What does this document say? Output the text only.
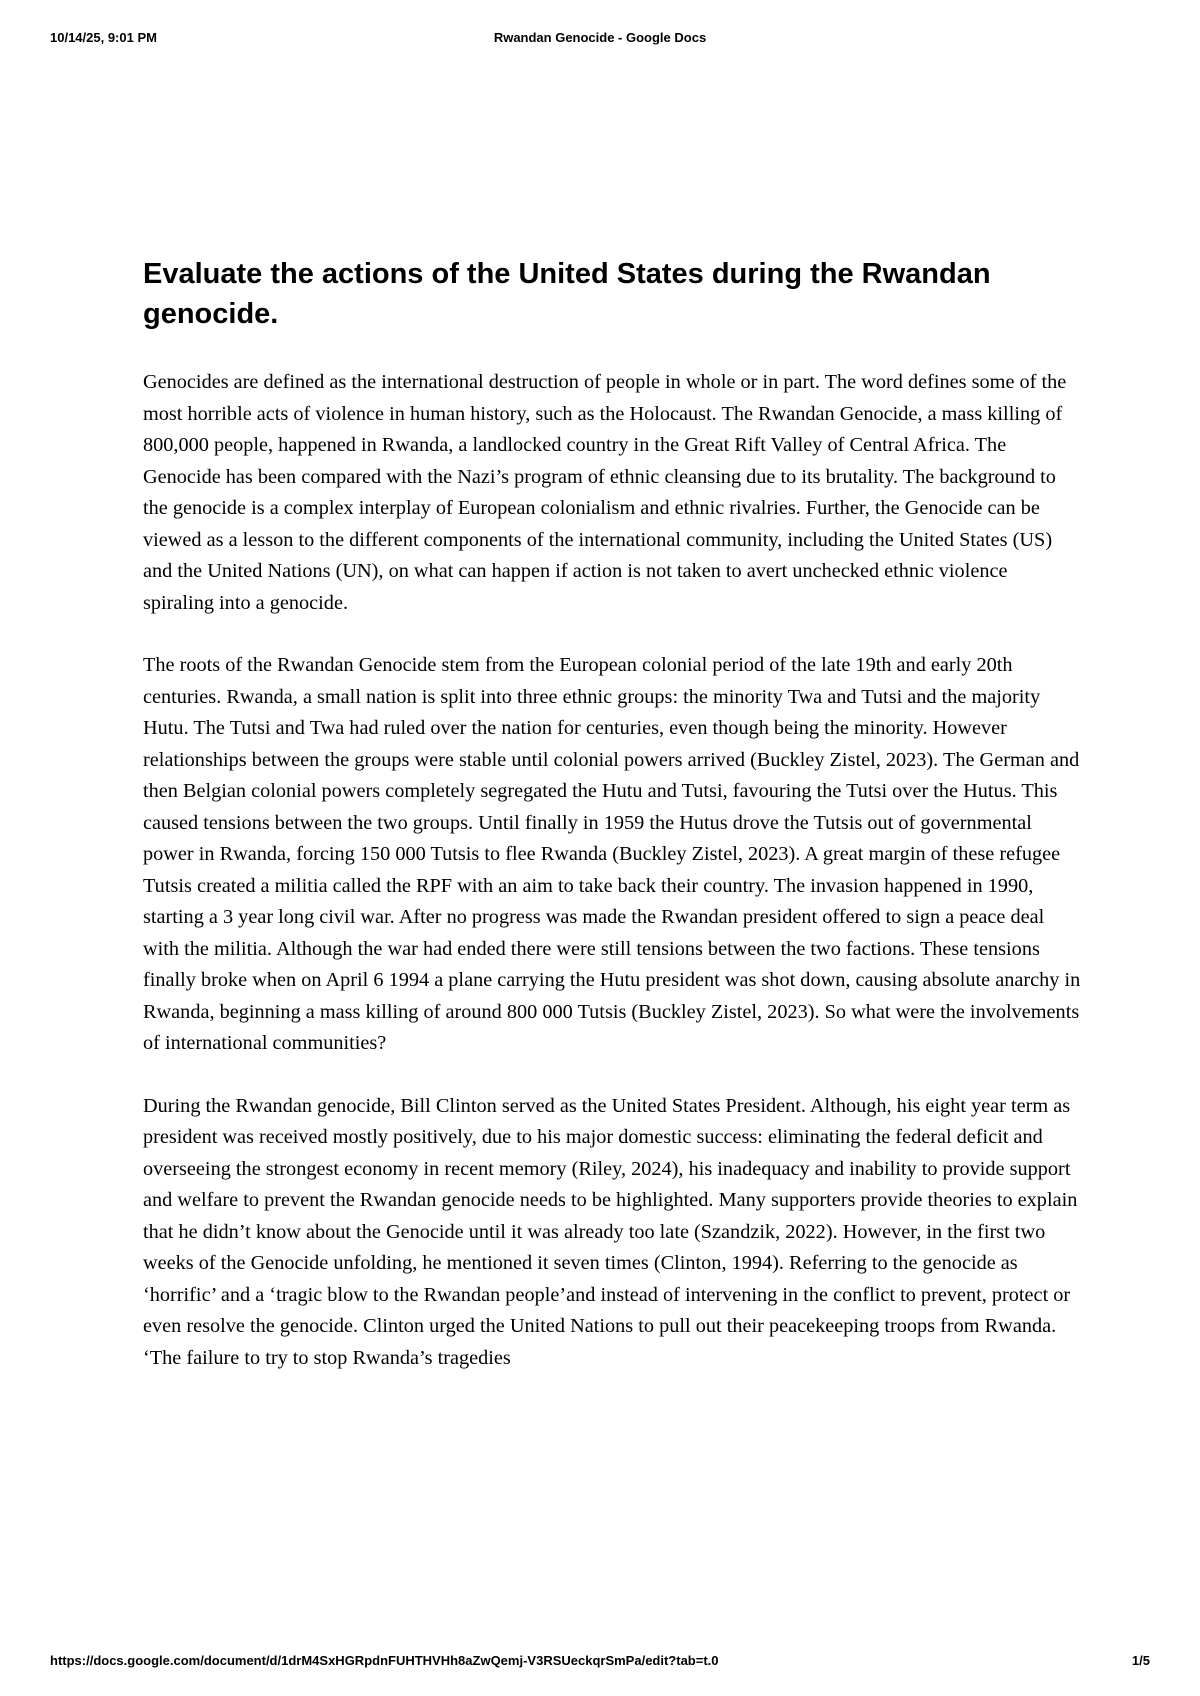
10/14/25, 9:01 PM	Rwandan Genocide - Google Docs
Evaluate the actions of the United States during the Rwandan genocide.

Genocides are defined as the international destruction of people in whole or in part. The word defines some of the most horrible acts of violence in human history, such as the Holocaust. The Rwandan Genocide, a mass killing of 800,000 people, happened in Rwanda, a landlocked country in the Great Rift Valley of Central Africa. The Genocide has been compared with the Nazi’s program of ethnic cleansing due to its brutality. The background to the genocide is a complex interplay of European colonialism and ethnic rivalries. Further, the Genocide can be viewed as a lesson to the different components of the international community, including the United States (US) and the United Nations (UN), on what can happen if action is not taken to avert unchecked ethnic violence spiraling into a genocide.

The roots of the Rwandan Genocide stem from the European colonial period of the late 19th and early 20th centuries. Rwanda, a small nation is split into three ethnic groups: the minority Twa and Tutsi and the majority Hutu. The Tutsi and Twa had ruled over the nation for centuries, even though being the minority. However relationships between the groups were stable until colonial powers arrived (Buckley Zistel, 2023). The German and then Belgian colonial powers completely segregated the Hutu and Tutsi, favouring the Tutsi over the Hutus. This caused tensions between the two groups. Until finally in 1959 the Hutus drove the Tutsis out of governmental power in Rwanda, forcing 150 000 Tutsis to flee Rwanda (Buckley Zistel, 2023). A great margin of these refugee Tutsis created a militia called the RPF with an aim to take back their country. The invasion happened in 1990, starting a 3 year long civil war. After no progress was made the Rwandan president offered to sign a peace deal with the militia. Although the war had ended there were still tensions between the two factions. These tensions finally broke when on April 6 1994 a plane carrying the Hutu president was shot down, causing absolute anarchy in Rwanda, beginning a mass killing of around 800 000 Tutsis (Buckley Zistel, 2023). So what were the involvements of international communities?

During the Rwandan genocide, Bill Clinton served as the United States President. Although, his eight year term as president was received mostly positively, due to his major domestic success: eliminating the federal deficit and overseeing the strongest economy in recent memory (Riley, 2024), his inadequacy and inability to provide support and welfare to prevent the Rwandan genocide needs to be highlighted. Many supporters provide theories to explain that he didn’t know about the Genocide until it was already too late (Szandzik, 2022). However, in the first two weeks of the Genocide unfolding, he mentioned it seven times (Clinton, 1994). Referring to the genocide as ‘horrific’ and a ‘tragic blow to the Rwandan people’and instead of intervening in the conflict to prevent, protect or even resolve the genocide. Clinton urged the United Nations to pull out their peacekeeping troops from Rwanda. ‘The failure to try to stop Rwanda’s tragedies

https://docs.google.com/document/d/1drM4SxHGRpdnFUHTHVHh8aZwQemj-V3RSUeckqrSmPa/edit?tab=t.0	1/5
